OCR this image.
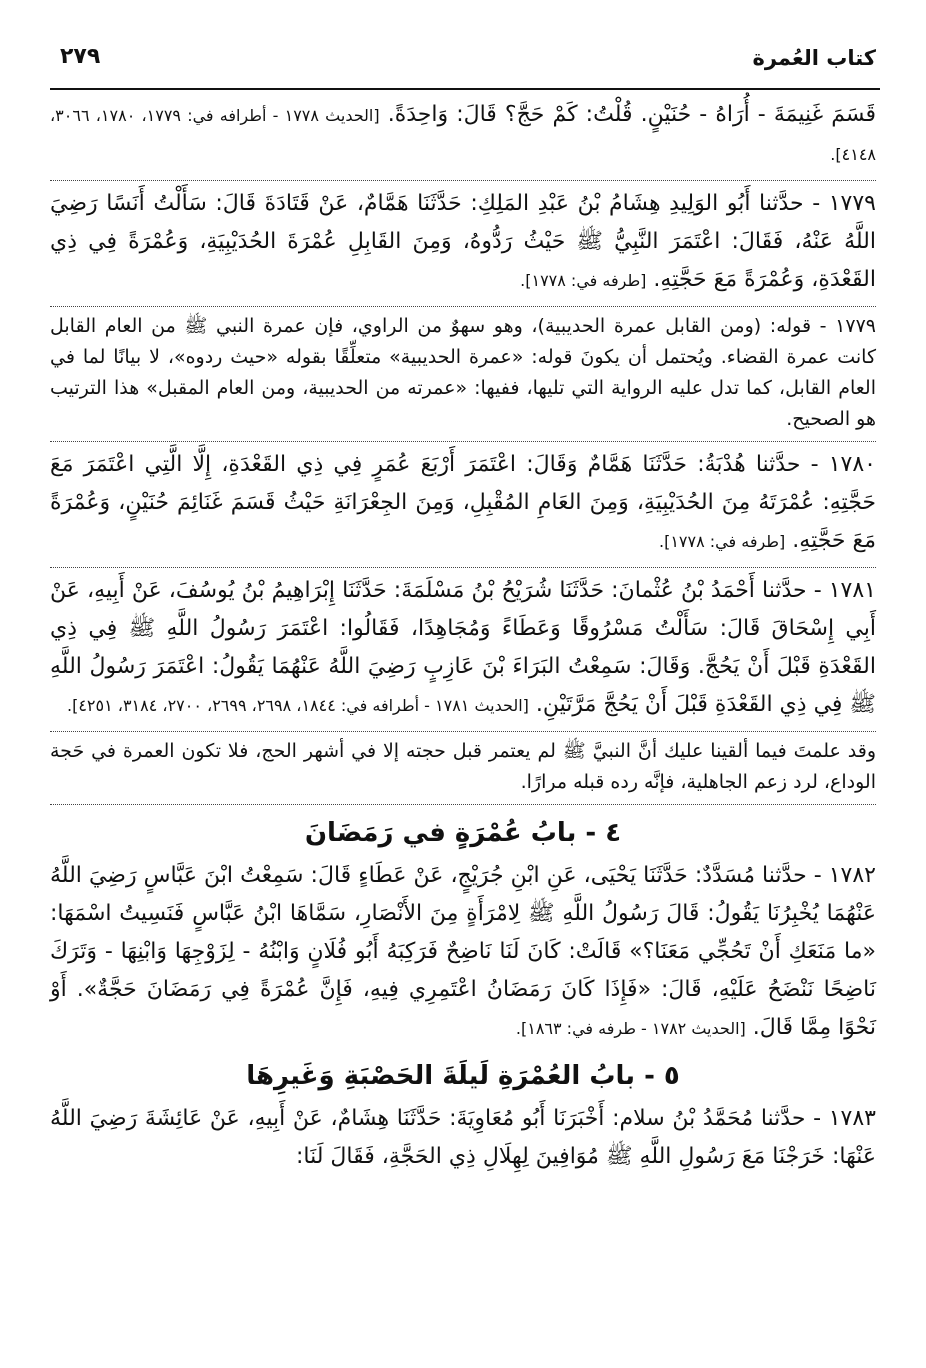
٢٧٩	كتاب العُمرة

قَسَمَ غَنِيمَةَ - أُرَاهُ - حُنَيْنٍ. قُلْتُ: كَمْ حَجَّ؟ قَالَ: وَاحِدَةً. [الحديث ١٧٧٨ - أطرافه في: ١٧٧٩، ١٧٨٠، ٣٠٦٦، ٤١٤٨].

١٧٧٩ - حدَّثنا أَبُو الوَلِيدِ هِشَامُ بْنُ عَبْدِ المَلِكِ: حَدَّثَنَا هَمَّامٌ، عَنْ قَتَادَةَ قَالَ: سَأَلْتُ أَنَسًا رَضِيَ اللَّهُ عَنْهُ، فَقَالَ: اعْتَمَرَ النَّبِيُّ ﷺ حَيْثُ رَدُّوهُ، وَمِنَ القَابِلِ عُمْرَةَ الحُدَيْبِيَةِ، وَعُمْرَةً فِي ذِي القَعْدَةِ، وَعُمْرَةً مَعَ حَجَّتِهِ. [طرفه في: ١٧٧٨].

١٧٧٩ - قوله: (ومن القابل عمرة الحديبية)، وهو سهوٌ من الراوي، فإن عمرة النبي ﷺ من العام القابل كانت عمرة القضاء. ويُحتمل أن يكونَ قوله: «عمرة الحديبية» متعلِّقًا بقوله «حيث ردوه»، لا بيانًا لما في العام القابل، كما تدل عليه الرواية التي تليها، ففيها: «عمرته من الحديبية، ومن العام المقبل» هذا الترتيب هو الصحيح.

١٧٨٠ - حدَّثنا هُدْبَةُ: حَدَّثَنَا هَمَّامٌ وَقَالَ: اعْتَمَرَ أَرْبَعَ عُمَرٍ فِي ذِي القَعْدَةِ، إِلَّا الَّتِي اعْتَمَرَ مَعَ حَجَّتِهِ: عُمْرَتَهُ مِنَ الحُدَيْبِيَةِ، وَمِنَ العَامِ المُقْبِلِ، وَمِنَ الجِعْرَانَةِ حَيْثُ قَسَمَ غَنَائِمَ حُنَيْنٍ، وَعُمْرَةً مَعَ حَجَّتِهِ. [طرفه في: ١٧٧٨].

١٧٨١ - حدَّثنا أَحْمَدُ بْنُ عُثْمانَ: حَدَّثَنَا شُرَيْحُ بْنُ مَسْلَمَةَ: حَدَّثَنَا إِبْرَاهِيمُ بْنُ يُوسُفَ، عَنْ أَبِيهِ، عَنْ أَبِي إِسْحَاقَ قَالَ: سَأَلْتُ مَسْرُوقًا وَعَطَاءً وَمُجَاهِدًا، فَقَالُوا: اعْتَمَرَ رَسُولُ اللَّهِ ﷺ فِي ذِي القَعْدَةِ قَبْلَ أَنْ يَحُجَّ. وَقَالَ: سَمِعْتُ البَرَاءَ بْنَ عَازِبٍ رَضِيَ اللَّهُ عَنْهُمَا يَقُولُ: اعْتَمَرَ رَسُولُ اللَّهِ ﷺ فِي ذِي القَعْدَةِ قَبْلَ أَنْ يَحُجَّ مَرَّتَيْنِ. [الحديث ١٧٨١ - أطرافه في: ١٨٤٤، ٢٦٩٨، ٢٦٩٩، ٢٧٠٠، ٣١٨٤، ٤٢٥١].

وقد علمتَ فيما ألقينا عليك أنَّ النبيَّ ﷺ لم يعتمر قبل حجته إلا في أشهر الحج، فلا تكون العمرة في حَجة الوداع، لرد زعم الجاهلية، فإنَّه رده قبله مرارًا.

٤ - بابُ عُمْرَةٍ في رَمَضَانَ

١٧٨٢ - حدَّثنا مُسَدَّدٌ: حَدَّثَنَا يَحْيَى، عَنِ ابْنِ جُرَيْجٍ، عَنْ عَطَاءٍ قَالَ: سَمِعْتُ ابْنَ عَبَّاسٍ رَضِيَ اللَّهُ عَنْهُمَا يُخْبِرُنَا يَقُولُ: قَالَ رَسُولُ اللَّهِ ﷺ لِامْرَأَةٍ مِنَ الأَنْصَارِ، سَمَّاهَا ابْنُ عَبَّاسٍ فَنَسِيتُ اسْمَهَا: «ما مَنَعَكِ أَنْ تَحُجِّي مَعَنَا؟» قَالَتْ: كَانَ لَنَا نَاضِحٌ فَرَكِبَهُ أَبُو فُلَانٍ وَابْنُهُ - لِزَوْجِهَا وَابْنِهَا - وَتَرَكَ نَاضِحًا نَنْضَحُ عَلَيْهِ، قَالَ: «فَإِذَا كَانَ رَمَضَانُ اعْتَمِرِي فِيهِ، فَإِنَّ عُمْرَةً فِي رَمَضَانَ حَجَّةٌ». أَوْ نَحْوًا مِمَّا قَالَ. [الحديث ١٧٨٢ - طرفه في: ١٨٦٣].

٥ - بابُ العُمْرَةِ لَيلَةَ الحَصْبَةِ وَغَيرِهَا

١٧٨٣ - حدَّثنا مُحَمَّدُ بْنُ سلام: أَخْبَرَنَا أَبُو مُعَاوِيَةَ: حَدَّثَنَا هِشَامٌ، عَنْ أَبِيهِ، عَنْ عَائِشَةَ رَضِيَ اللَّهُ عَنْهَا: خَرَجْنَا مَعَ رَسُولِ اللَّهِ ﷺ مُوَافِينَ لِهِلَالِ ذِي الحَجَّةِ، فَقَالَ لَنَا:
